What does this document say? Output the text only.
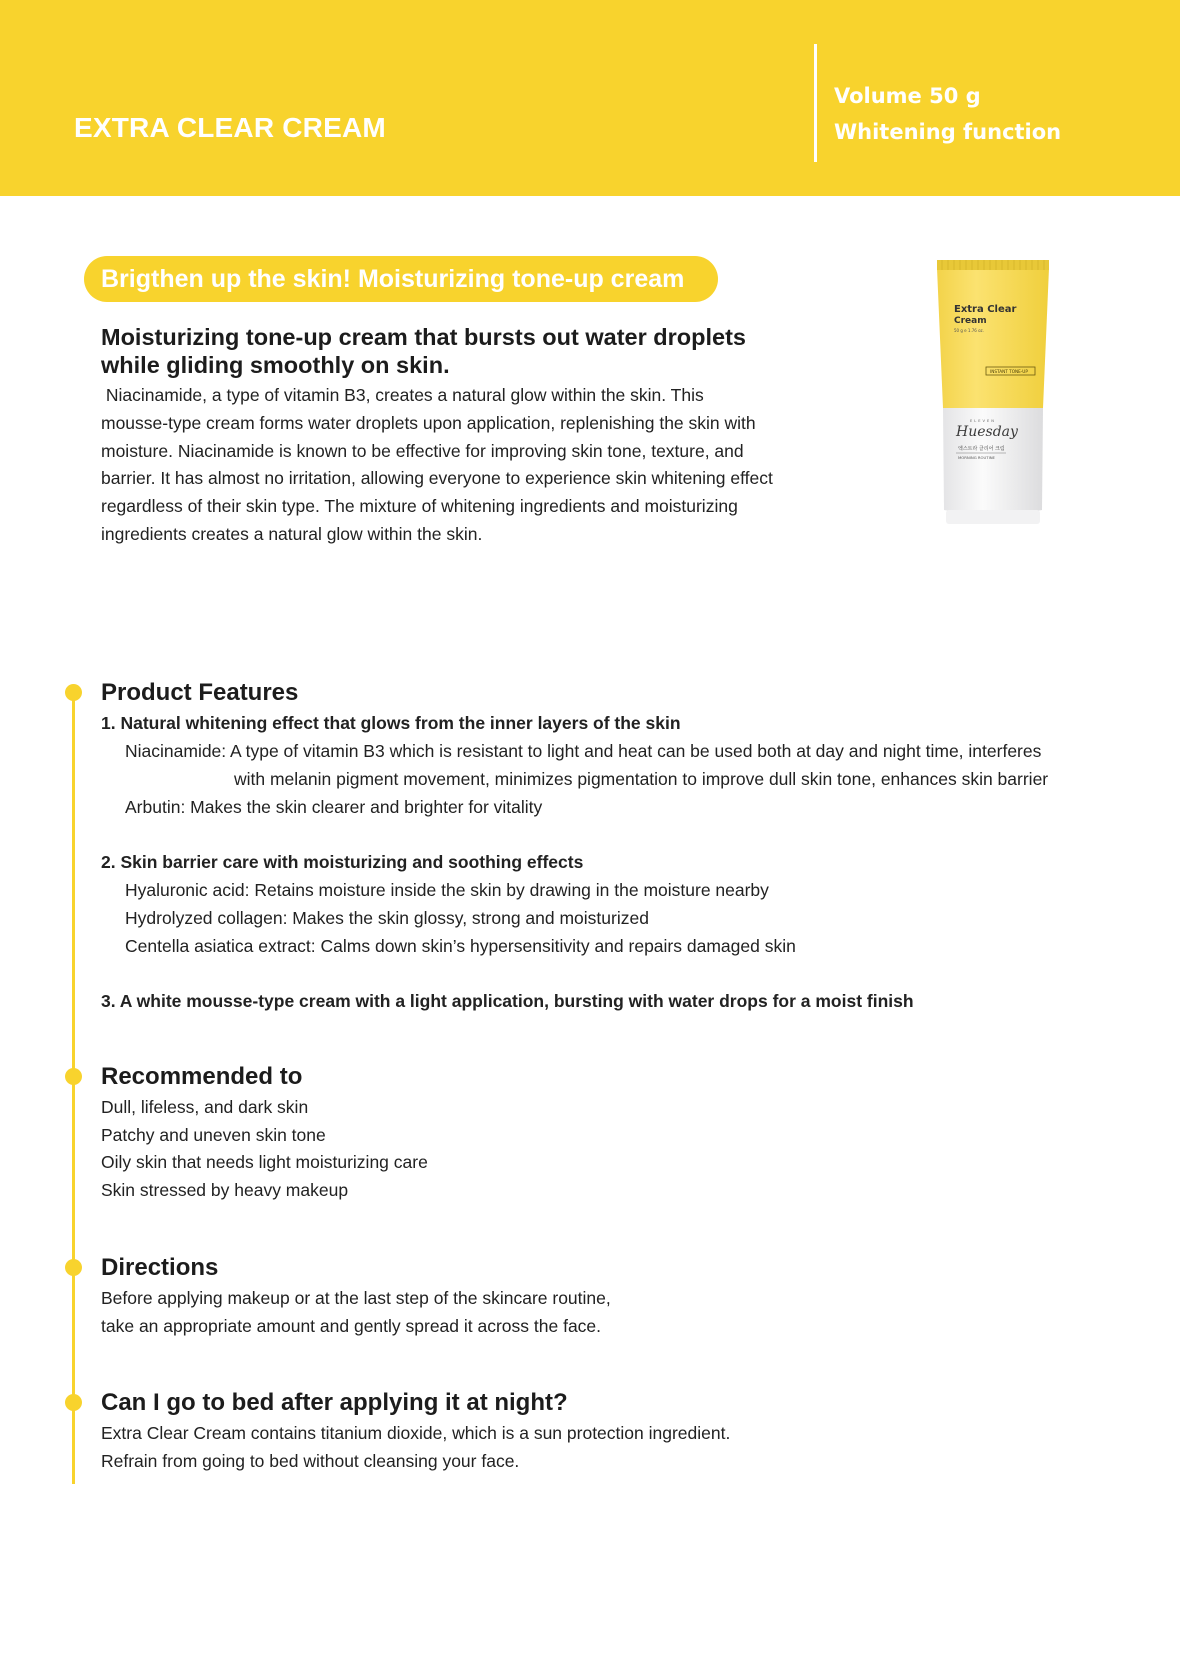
EXTRA CLEAR CREAM
Volume 50 g
Whitening function
Brigthen up the skin! Moisturizing tone-up cream
Moisturizing tone-up cream that bursts out water droplets
while gliding smoothly on skin.
Niacinamide, a type of vitamin B3, creates a natural glow within the skin. This
mousse-type cream forms water droplets upon application, replenishing the skin with
moisture. Niacinamide is known to be effective for improving skin tone, texture, and
barrier. It has almost no irritation, allowing everyone to experience skin whitening effect
regardless of their skin type. The mixture of whitening ingredients and moisturizing
ingredients creates a natural glow within the skin.
Extra Clear
Cream
50 g e 1.76 oz.
INSTANT TONE-UP
ELEVEN
Huesday
엑스트라 클리어 크림
MORNING ROUTINE
Product Features
1. Natural whitening effect that glows from the inner layers of the skin
Niacinamide: A type of vitamin B3 which is resistant to light and heat can be used both at day and night time, interferes
with melanin pigment movement, minimizes pigmentation to improve dull skin tone, enhances skin barrier
Arbutin: Makes the skin clearer and brighter for vitality
2. Skin barrier care with moisturizing and soothing effects
Hyaluronic acid: Retains moisture inside the skin by drawing in the moisture nearby
Hydrolyzed collagen: Makes the skin glossy, strong and moisturized
Centella asiatica extract: Calms down skin’s hypersensitivity and repairs damaged skin
3. A white mousse-type cream with a light application, bursting with water drops for a moist finish
Recommended to
Dull, lifeless, and dark skin
Patchy and uneven skin tone
Oily skin that needs light moisturizing care
Skin stressed by heavy makeup
Directions
Before applying makeup or at the last step of the skincare routine,
take an appropriate amount and gently spread it across the face.
Can I go to bed after applying it at night?
Extra Clear Cream contains titanium dioxide, which is a sun protection ingredient.
Refrain from going to bed without cleansing your face.
